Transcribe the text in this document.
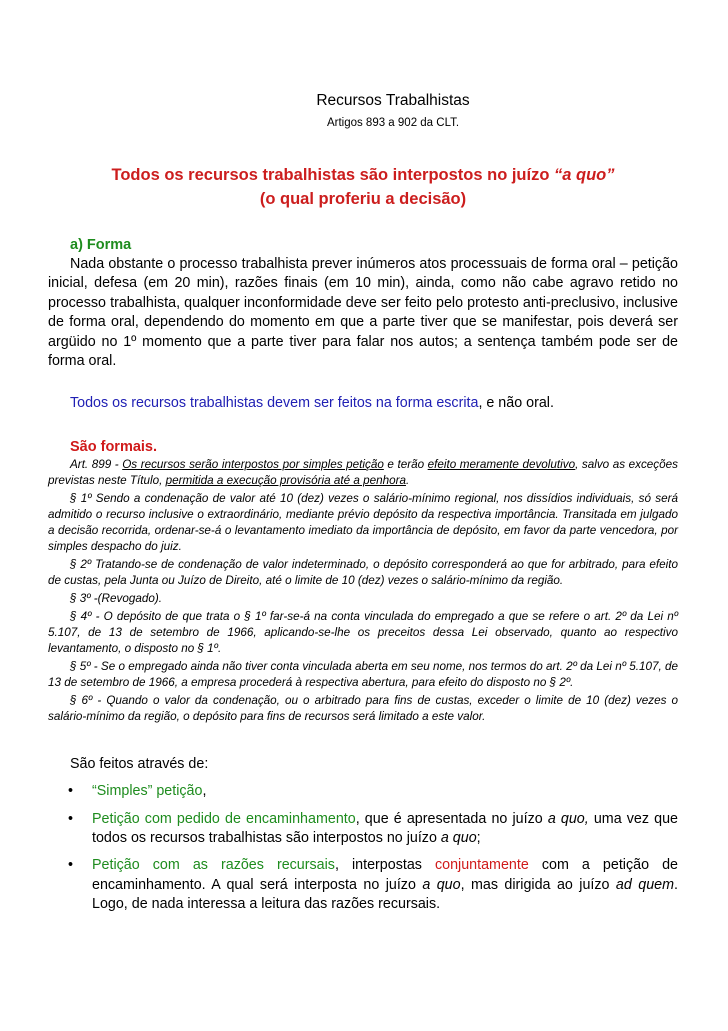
Recursos Trabalhistas
Artigos 893 a 902 da CLT.
Todos os recursos trabalhistas são interpostos no juízo “a quo”
(o qual proferiu a decisão)
a) Forma
Nada obstante o processo trabalhista prever inúmeros atos processuais de forma oral – petição inicial, defesa (em 20 min), razões finais (em 10 min), ainda, como não cabe agravo retido no processo trabalhista, qualquer inconformidade deve ser feito pelo protesto anti-preclusivo, inclusive de forma oral, dependendo do momento em que a parte tiver que se manifestar, pois deverá ser argüido no 1º momento que a parte tiver para falar nos autos; a sentença também pode ser de forma oral.
Todos os recursos trabalhistas devem ser feitos na forma escrita, e não oral.
São formais.
Art. 899 - Os recursos serão interpostos por simples petição e terão efeito meramente devolutivo, salvo as exceções previstas neste Título, permitida a execução provisória até a penhora.
§ 1º Sendo a condenação de valor até 10 (dez) vezes o salário-mínimo regional, nos dissídios individuais, só será admitido o recurso inclusive o extraordinário, mediante prévio depósito da respectiva importância. Transitada em julgado a decisão recorrida, ordenar-se-á o levantamento imediato da importância de depósito, em favor da parte vencedora, por simples despacho do juiz.
§ 2º Tratando-se de condenação de valor indeterminado, o depósito corresponderá ao que for arbitrado, para efeito de custas, pela Junta ou Juízo de Direito, até o limite de 10 (dez) vezes o salário-mínimo da região.
§ 3º -(Revogado).
§ 4º - O depósito de que trata o § 1º far-se-á na conta vinculada do empregado a que se refere o art. 2º da Lei nº 5.107, de 13 de setembro de 1966, aplicando-se-lhe os preceitos dessa Lei observado, quanto ao respectivo levantamento, o disposto no § 1º.
§ 5º - Se o empregado ainda não tiver conta vinculada aberta em seu nome, nos termos do art. 2º da Lei nº 5.107, de 13 de setembro de 1966, a empresa procederá à respectiva abertura, para efeito do disposto no § 2º.
§ 6º - Quando o valor da condenação, ou o arbitrado para fins de custas, exceder o limite de 10 (dez) vezes o salário-mínimo da região, o depósito para fins de recursos será limitado a este valor.
São feitos através de:
• “Simples” petição,
• Petição com pedido de encaminhamento, que é apresentada no juízo a quo, uma vez que todos os recursos trabalhistas são interpostos no juízo a quo;
• Petição com as razões recursais, interpostas conjuntamente com a petição de encaminhamento. A qual será interposta no juízo a quo, mas dirigida ao juízo ad quem. Logo, de nada interessa a leitura das razões recursais.
